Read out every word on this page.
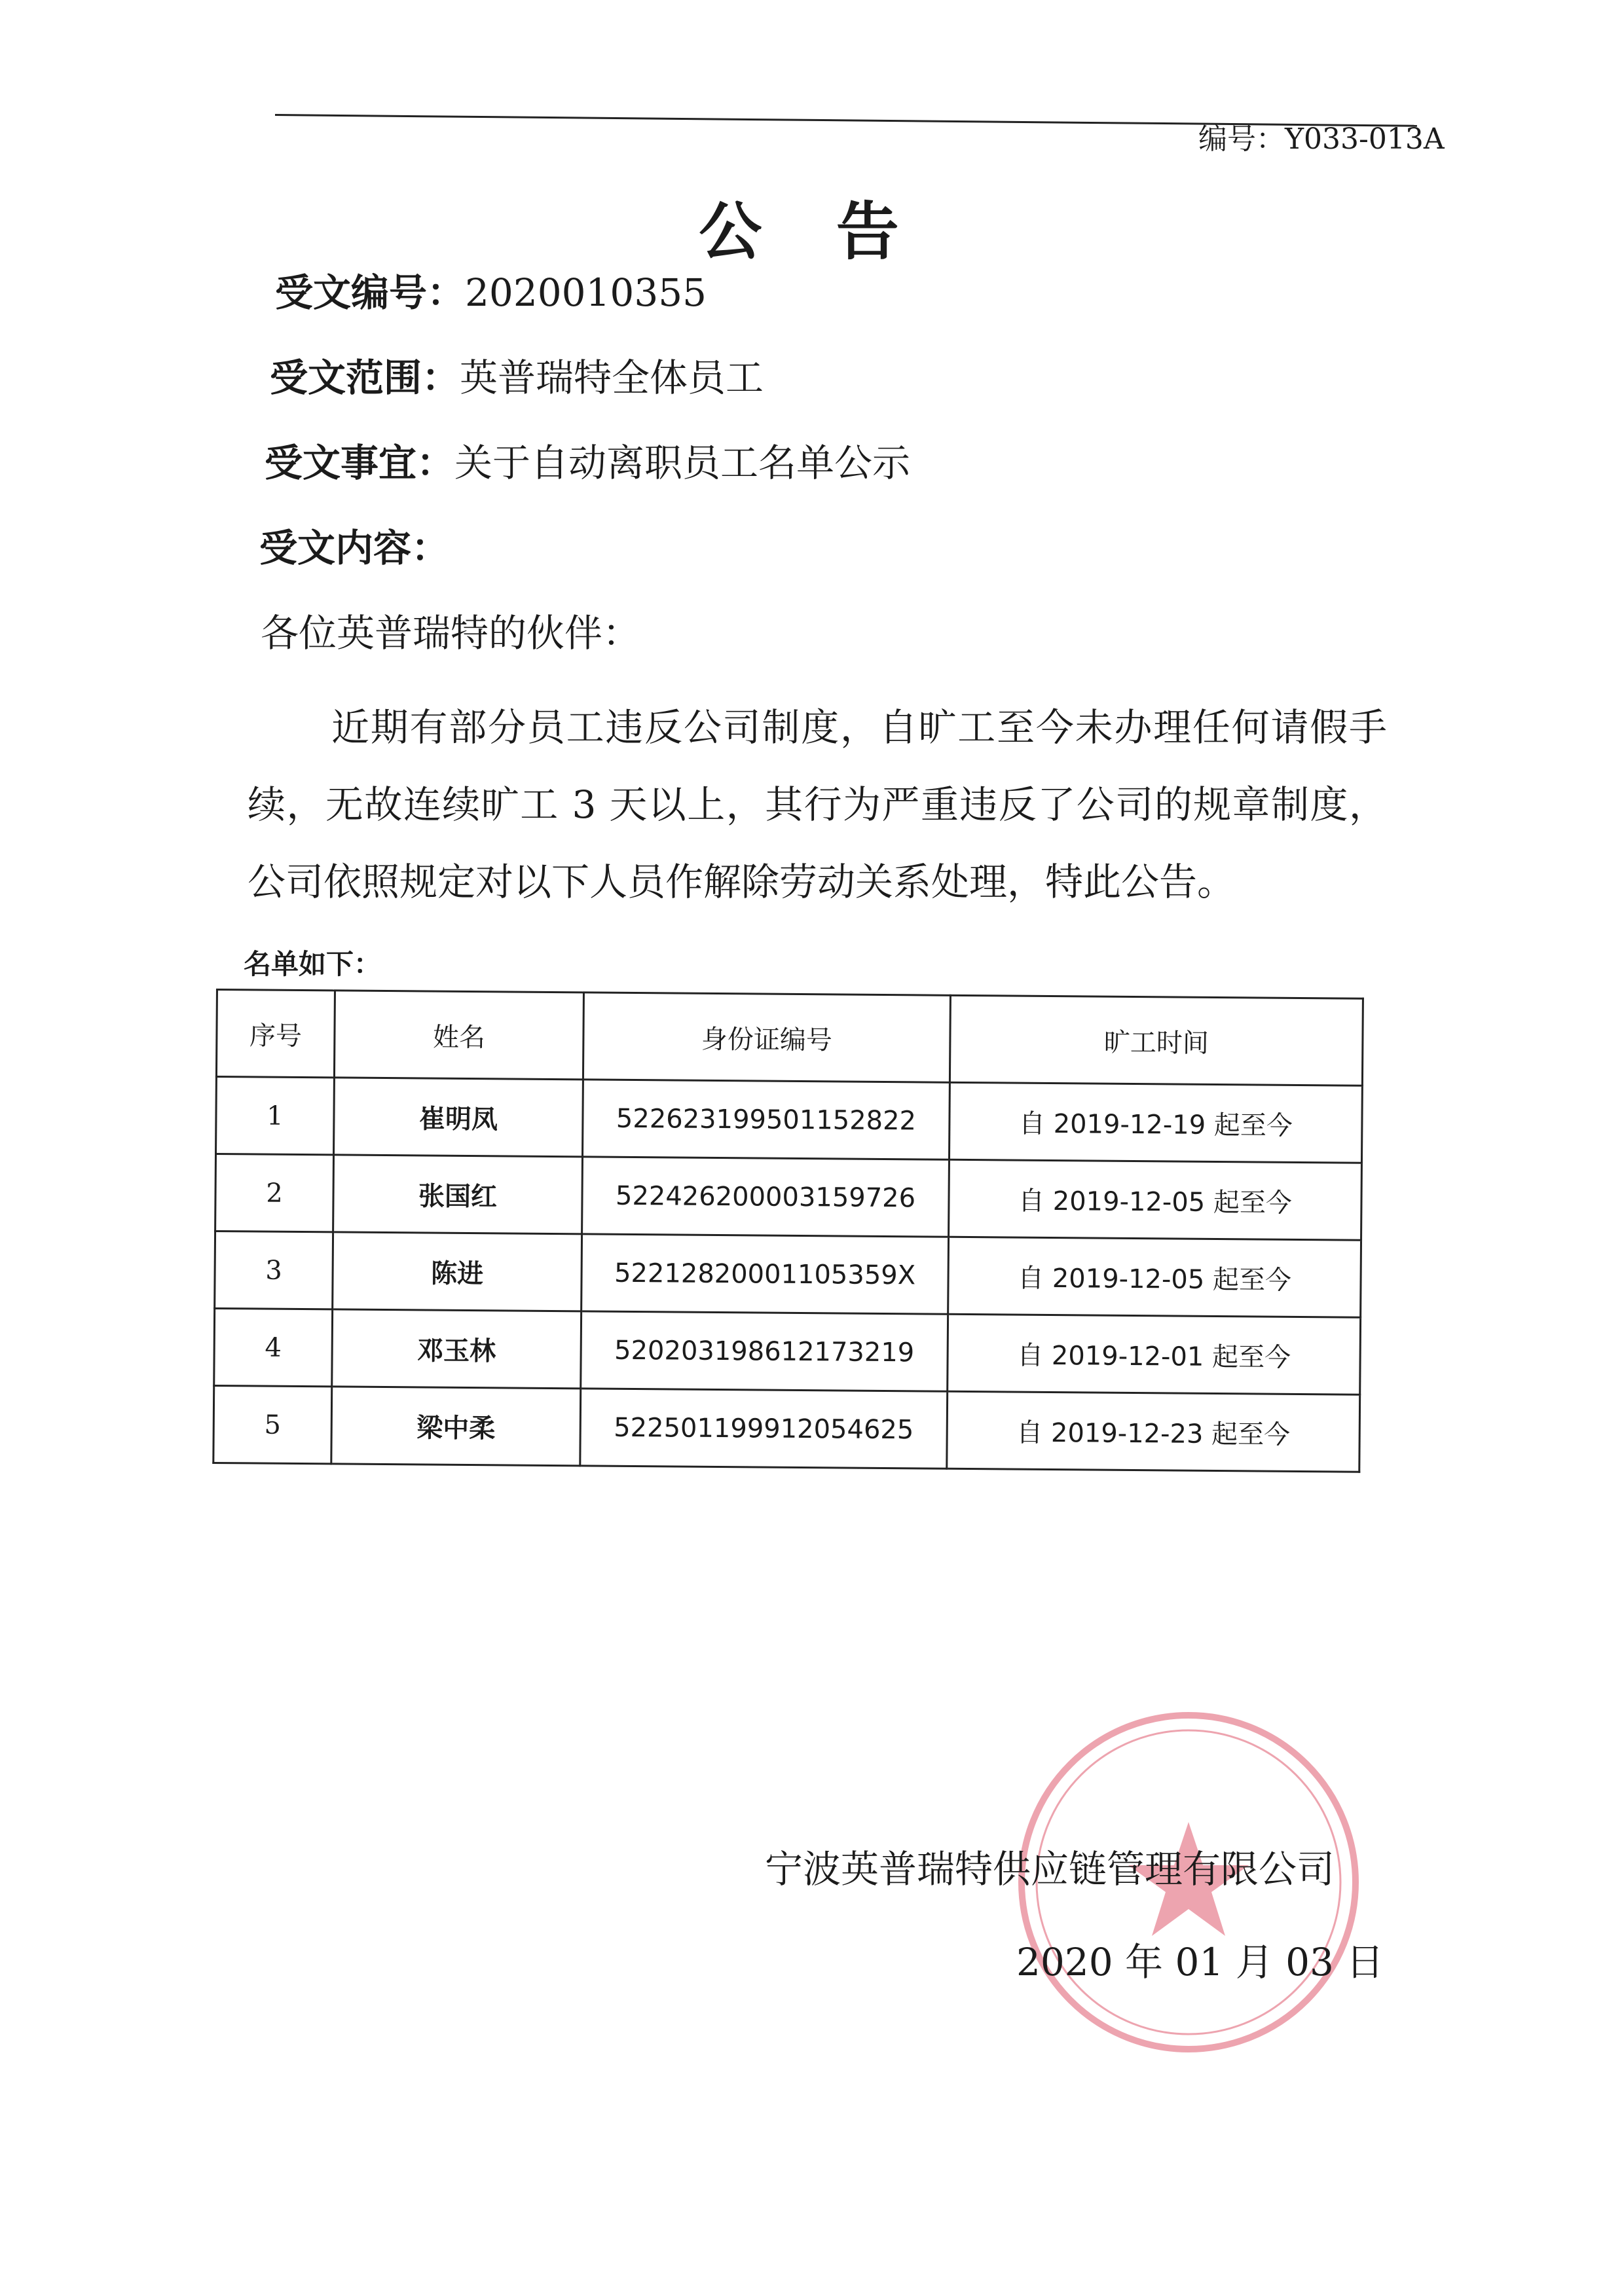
编号：Y033-013A
公 告
受文编号：2020010355
受文范围：英普瑞特全体员工
受文事宜：关于自动离职员工名单公示
受文内容：
各位英普瑞特的伙伴：
近期有部分员工违反公司制度，自旷工至今未办理任何请假手续，无故连续旷工 3 天以上，其行为严重违反了公司的规章制度，公司依照规定对以下人员作解除劳动关系处理，特此公告。
名单如下：
序号	姓名	身份证编号	旷工时间
1	崔明凤	522623199501152822	自 2019-12-19 起至今
2	张国红	522426200003159726	自 2019-12-05 起至今
3	陈进	52212820001105359X	自 2019-12-05 起至今
4	邓玉林	520203198612173219	自 2019-12-01 起至今
5	梁中柔	522501199912054625	自 2019-12-23 起至今
宁波英普瑞特供应链管理有限公司
2020 年 01 月 03 日
